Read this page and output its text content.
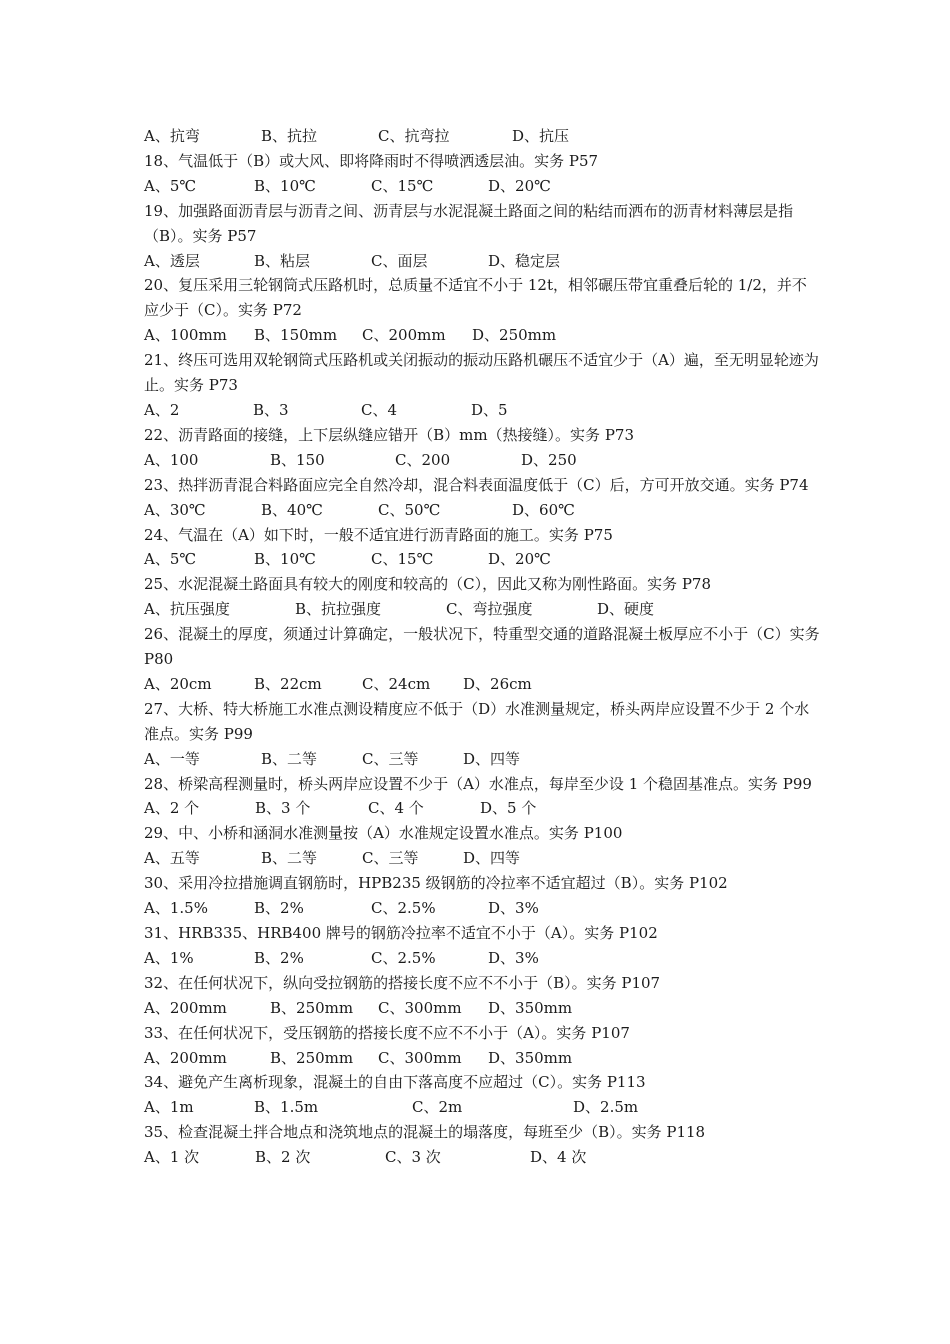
A、抗弯	B、抗拉	C、抗弯拉	D、抗压
18、气温低于（B）或大风、即将降雨时不得喷洒透层油。实务 P57
A、5℃	B、10℃	C、15℃	D、20℃
19、加强路面沥青层与沥青之间、沥青层与水泥混凝土路面之间的粘结而洒布的沥青材料薄层是指（B）。实务 P57
A、透层	B、粘层	C、面层	D、稳定层
20、复压采用三轮钢筒式压路机时，总质量不适宜不小于 12t，相邻碾压带宜重叠后轮的 1/2，并不应少于（C）。实务 P72
A、100mm	B、150mm	C、200mm	D、250mm
21、终压可选用双轮钢筒式压路机或关闭振动的振动压路机碾压不适宜少于（A）遍，至无明显轮迹为止。实务 P73
A、2	B、3	C、4	D、5
22、沥青路面的接缝，上下层纵缝应错开（B）mm（热接缝）。实务 P73
A、100	B、150	C、200	D、250
23、热拌沥青混合料路面应完全自然冷却，混合料表面温度低于（C）后，方可开放交通。实务 P74
A、30℃	B、40℃	C、50℃	D、60℃
24、气温在（A）如下时，一般不适宜进行沥青路面的施工。实务 P75
A、5℃	B、10℃	C、15℃	D、20℃
25、水泥混凝土路面具有较大的刚度和较高的（C），因此又称为刚性路面。实务 P78
A、抗压强度	B、抗拉强度	C、弯拉强度	D、硬度
26、混凝土的厚度，须通过计算确定，一般状况下，特重型交通的道路混凝土板厚应不小于（C）实务 P80
A、20cm	B、22cm	C、24cm	D、26cm
27、大桥、特大桥施工水准点测设精度应不低于（D）水准测量规定，桥头两岸应设置不少于 2 个水准点。实务 P99
A、一等	B、二等	C、三等	D、四等
28、桥梁高程测量时，桥头两岸应设置不少于（A）水准点，每岸至少设 1 个稳固基准点。实务 P99
A、2 个	B、3 个	C、4 个	D、5 个
29、中、小桥和涵洞水准测量按（A）水准规定设置水准点。实务 P100
A、五等	B、二等	C、三等	D、四等
30、采用冷拉措施调直钢筋时，HPB235 级钢筋的冷拉率不适宜超过（B）。实务 P102
A、1.5%	B、2%	C、2.5%	D、3%
31、HRB335、HRB400 牌号的钢筋冷拉率不适宜不小于（A）。实务 P102
A、1%	B、2%	C、2.5%	D、3%
32、在任何状况下，纵向受拉钢筋的搭接长度不应不不小于（B）。实务 P107
A、200mm	B、250mm	C、300mm	D、350mm
33、在任何状况下，受压钢筋的搭接长度不应不不小于（A）。实务 P107
A、200mm	B、250mm	C、300mm	D、350mm
34、避免产生离析现象，混凝土的自由下落高度不应超过（C）。实务 P113
A、1m	B、1.5m	C、2m	D、2.5m
35、检查混凝土拌合地点和浇筑地点的混凝土的塌落度，每班至少（B）。实务 P118
A、1 次	B、2 次	C、3 次	D、4 次
